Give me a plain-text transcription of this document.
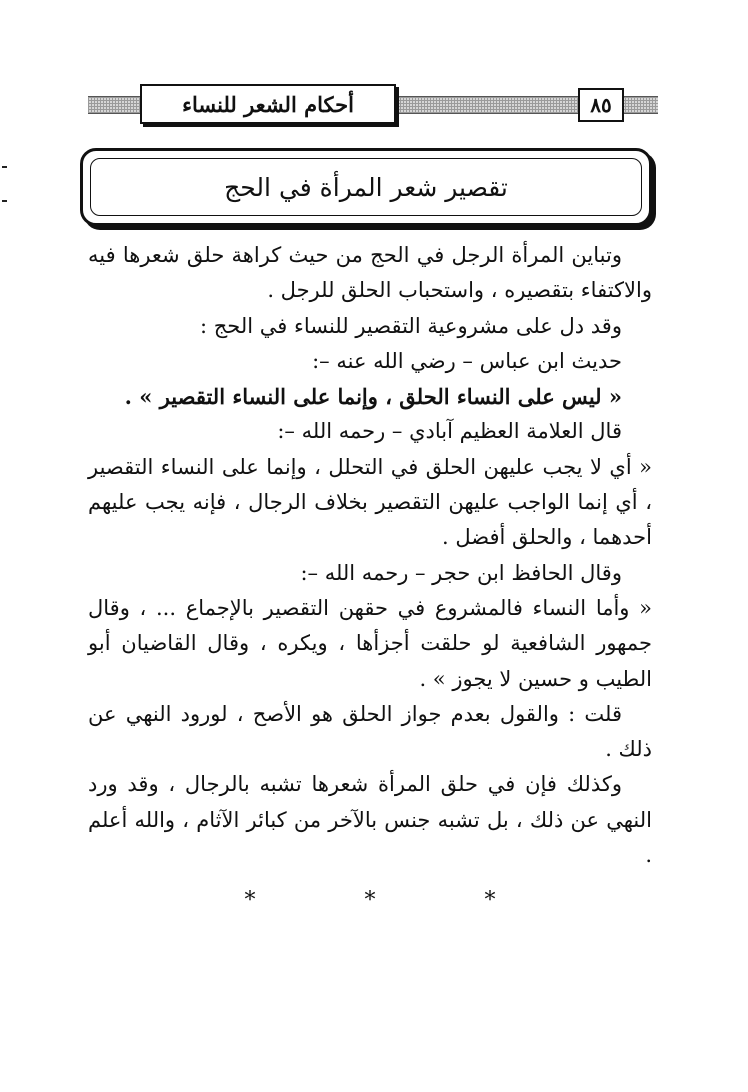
أحكام الشعر للنساء	٨٥
تقصير شعر المرأة في الحج

وتباين المرأة الرجل في الحج من حيث كراهة حلق شعرها فيه والاكتفاء بتقصيره ، واستحباب الحلق للرجل .

وقد دل على مشروعية التقصير للنساء في الحج :

حديث ابن عباس – رضي الله عنه –:

« ليس على النساء الحلق ، وإنما على النساء التقصير » .

قال العلامة العظيم آبادي – رحمه الله –:

« أي لا يجب عليهن الحلق في التحلل ، وإنما على النساء التقصير ، أي إنما الواجب عليهن التقصير بخلاف الرجال ، فإنه يجب عليهم أحدهما ، والحلق أفضل .

وقال الحافظ ابن حجر – رحمه الله –:

« وأما النساء فالمشروع في حقهن التقصير بالإجماع ... ، وقال جمهور الشافعية لو حلقت أجزأها ، ويكره ، وقال القاضيان أبو الطيب و حسين لا يجوز » .

قلت : والقول بعدم جواز الحلق هو الأصح ، لورود النهي عن ذلك .

وكذلك فإن في حلق المرأة شعرها تشبه بالرجال ، وقد ورد النهي عن ذلك ، بل تشبه جنس بالآخر من كبائر الآثام ، والله أعلم .

*	*	*
